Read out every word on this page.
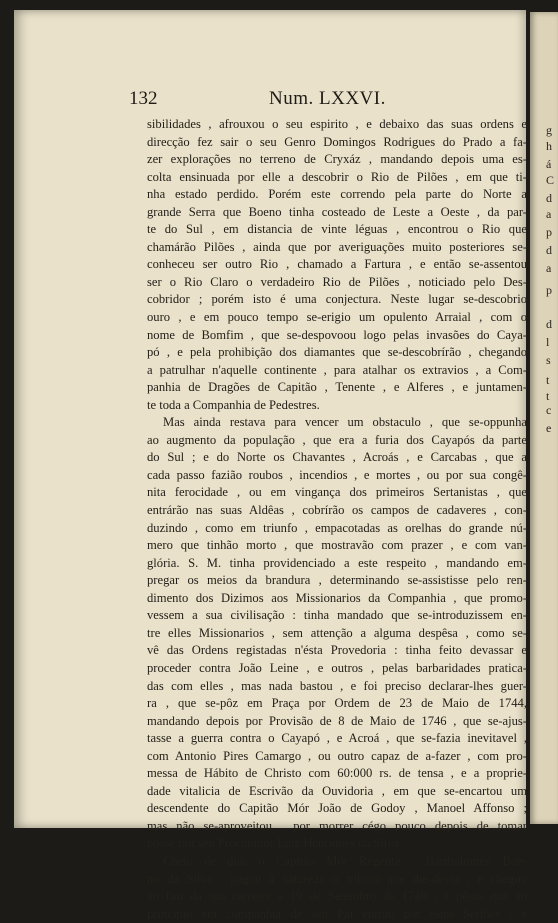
132	Num. LXXVI.
sibilidades , afrouxou o seu espirito , e debaixo das suas ordens e
direcção fez sair o seu Genro Domingos Rodrigues do Prado a fa-
zer explorações no terreno de Cryxáz , mandando depois uma es-
colta ensinuada por elle a descobrir o Rio de Pilões , em que ti-
nha estado perdido. Porém este correndo pela parte do Norte a
grande Serra que Boeno tinha costeado de Leste a Oeste , da par-
te do Sul , em distancia de vinte léguas , encontrou o Rio que
chamárão Pilões , ainda que por averiguações muito posteriores se-
conheceu ser outro Rio , chamado a Fartura , e então se-assentou
ser o Rio Claro o verdadeiro Rio de Pilões , noticiado pelo Des-
cobridor ; porém isto é uma conjectura. Neste lugar se-descobrio
ouro , e em pouco tempo se-erigio um opulento Arraial , com o
nome de Bomfim , que se-despovoou logo pelas invasões do Caya-
pó , e pela prohibição dos diamantes que se-descobrírão , chegando
a patrulhar n'aquelle continente , para atalhar os extravios , a Com-
panhia de Dragões de Capitão , Tenente , e Alferes , e juntamen-
te toda a Companhia de Pedestres.
Mas ainda restava para vencer um obstaculo , que se-oppunha
ao augmento da população , que era a furia dos Cayapós da parte
do Sul ; e do Norte os Chavantes , Acroás , e Carcabas , que a
cada passo fazião roubos , incendios , e mortes , ou por sua congê-
nita ferocidade , ou em vingança dos primeiros Sertanistas , que
entrárão nas suas Aldêas , cobrírão os campos de cadaveres , con-
duzindo , como em triunfo , empacotadas as orelhas do grande nú-
mero que tinhão morto , que mostravão com prazer , e com van-
glória. S. M. tinha providenciado a este respeito , mandando em-
pregar os meios da brandura , determinando se-assistisse pelo ren-
dimento dos Dizimos aos Missionarios da Companhia , que promo-
vessem a sua civilisação : tinha mandado que se-introduzissem en-
tre elles Missionarios , sem attenção a alguma despêsa , como se-
vê das Ordens registadas n'ésta Provedoria : tinha feito devassar e
proceder contra João Leine , e outros , pelas barbaridades pratica-
das com elles , mas nada bastou , e foi preciso declarar-lhes guer-
ra , que se-pôz em Praça por Ordem de 23 de Maio de 1744,
mandando depois por Provisão de 8 de Maio de 1746 , que se-ajus-
tasse a guerra contra o Cayapó , e Acroá , que se-fazia inevitavel ,
com Antonio Pires Camargo , ou outro capaz de a-fazer , com pro-
messa de Hábito de Christo com 60:000 rs. de tensa , e a proprie-
dade vitalicia de Escrivão da Ouvidoria , em que se-encartou um
descendente do Capitão Mór João de Godoy , Manoel Affonso ;
mas não se-aproveitou , por morrer cégo pouco depois de tomar
posse por seu Procurador Luiz Henriques da Silva.
Cheio de dias o Capitão Mór Regente , Bartholomeu Boe-
no da Silva , pagou á natureza o tributo que lhe-devia , e chegou
ao fim da sua carreira a 19 de Setembro de 1740 , e pôsto que ao
principio em companhia de seu Pai entrou por estes Sertões , e
g
h
á
C
d
a
p
d
a
p
d
l
s
t
t
c
e
